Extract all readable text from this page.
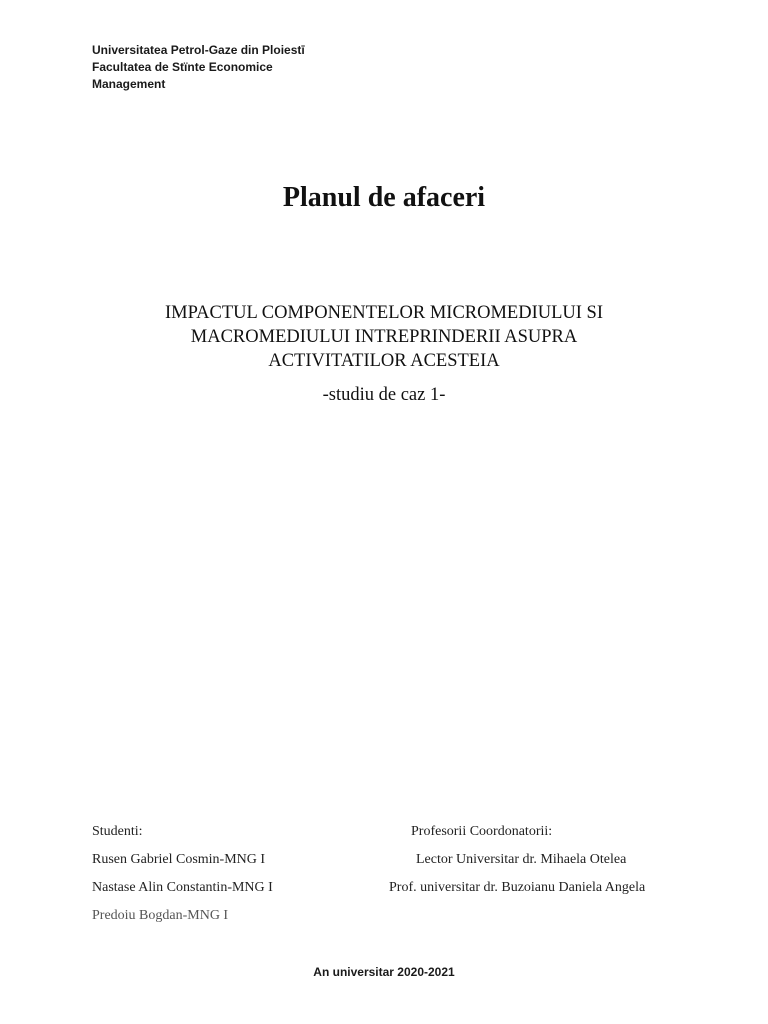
Universitatea Petrol-Gaze din Ploiestī
Facultatea de Stïnte Economice
Management
Planul de afaceri
IMPACTUL COMPONENTELOR MICROMEDIULUI SI
MACROMEDIULUI INTREPRINDERII ASUPRA
ACTIVITATILOR ACESTEIA
-studiu de caz 1-
Studenti:
Rusen Gabriel Cosmin-MNG I
Nastase Alin Constantin-MNG I
Predoiu Bogdan-MNG I
Profesorii Coordonatorii:
Lector Universitar dr. Mihaela Otelea
Prof. universitar dr. Buzoianu Daniela Angela
An universitar 2020-2021
